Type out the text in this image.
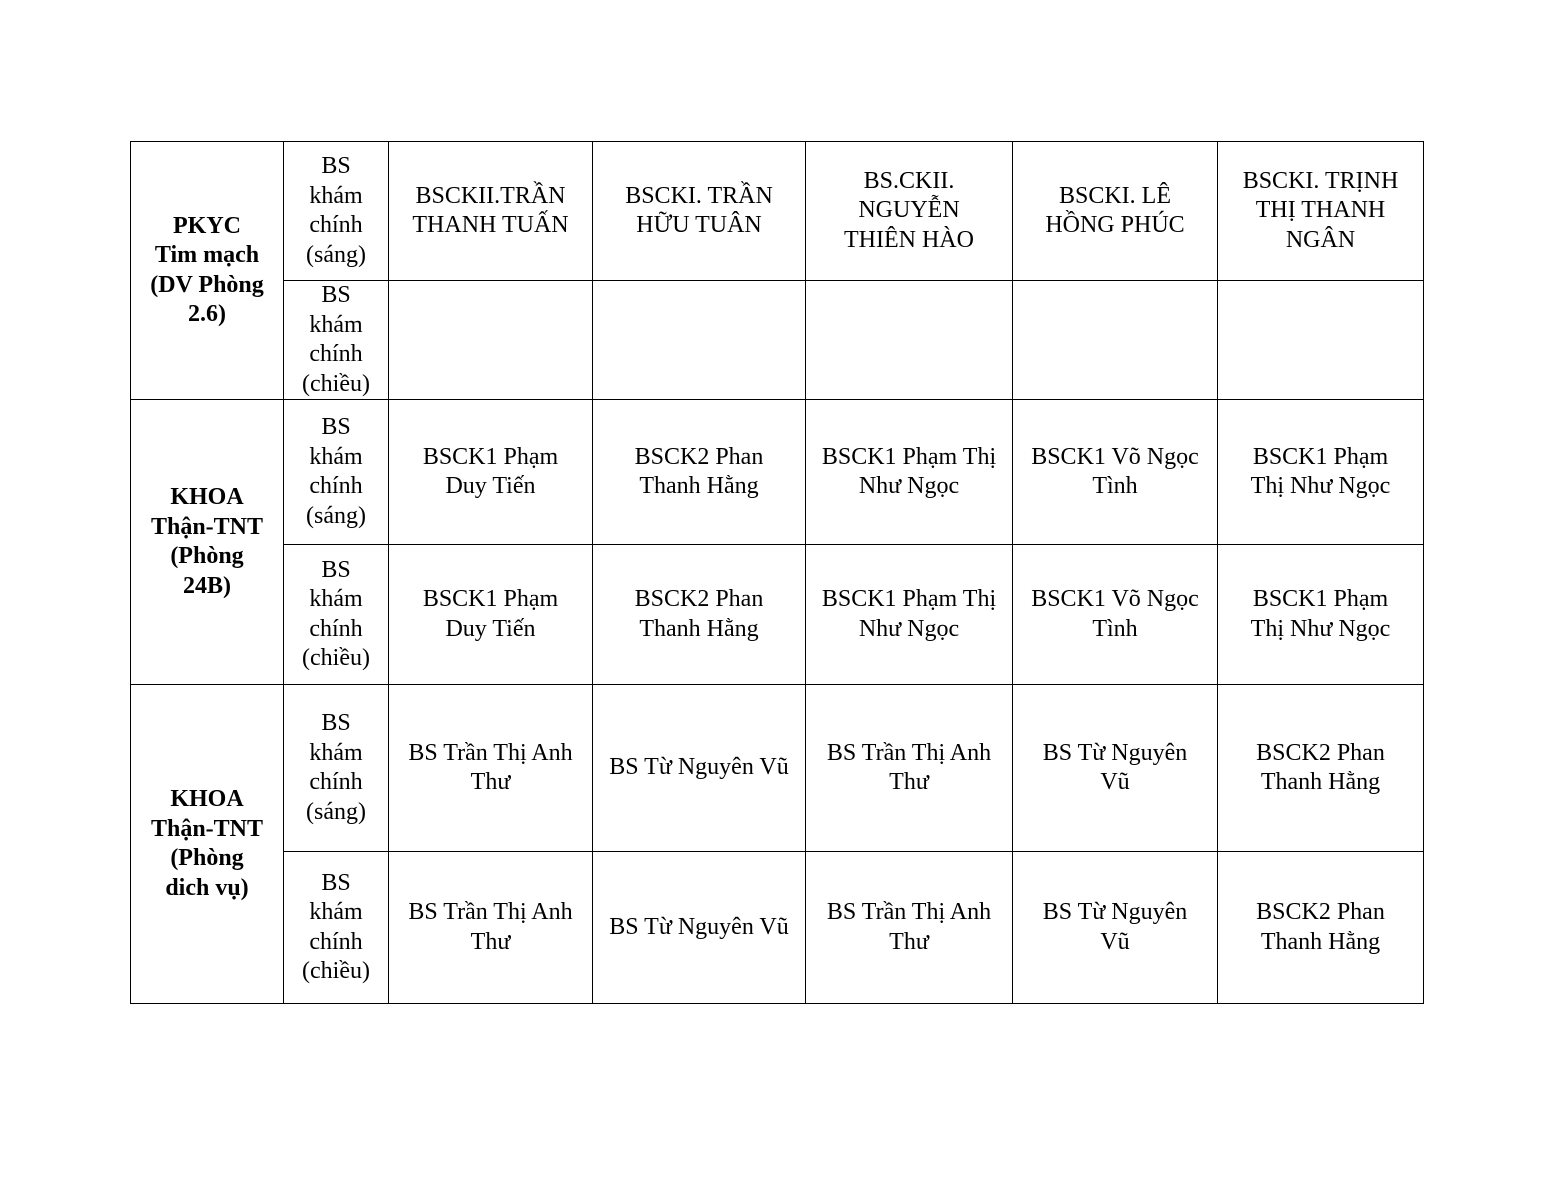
PKYC
Tim mạch
(DV Phòng
2.6)	BS
khám
chính
(sáng)	BSCKII.TRẦN
THANH TUẤN	BSCKI. TRẦN
HỮU TUÂN	BS.CKII.
NGUYỄN
THIÊN HÀO	BSCKI. LÊ
HỒNG PHÚC	BSCKI. TRỊNH
THỊ THANH
NGÂN

	BS
khám
chính
(chiều)					

KHOA
Thận-TNT
(Phòng
24B)	BS
khám
chính
(sáng)	BSCK1 Phạm
Duy Tiến	BSCK2 Phan
Thanh Hằng	BSCK1 Phạm Thị
Như Ngọc	BSCK1 Võ Ngọc
Tình	BSCK1 Phạm
Thị Như Ngọc

	BS
khám
chính
(chiều)	BSCK1 Phạm
Duy Tiến	BSCK2 Phan
Thanh Hằng	BSCK1 Phạm Thị
Như Ngọc	BSCK1 Võ Ngọc
Tình	BSCK1 Phạm
Thị Như Ngọc

KHOA
Thận-TNT
(Phòng
dich vụ)	BS
khám
chính
(sáng)	BS Trần Thị Anh
Thư	BS Từ Nguyên Vũ	BS Trần Thị Anh
Thư	BS Từ Nguyên
Vũ	BSCK2 Phan
Thanh Hằng

	BS
khám
chính
(chiều)	BS Trần Thị Anh
Thư	BS Từ Nguyên Vũ	BS Trần Thị Anh
Thư	BS Từ Nguyên
Vũ	BSCK2 Phan
Thanh Hằng
